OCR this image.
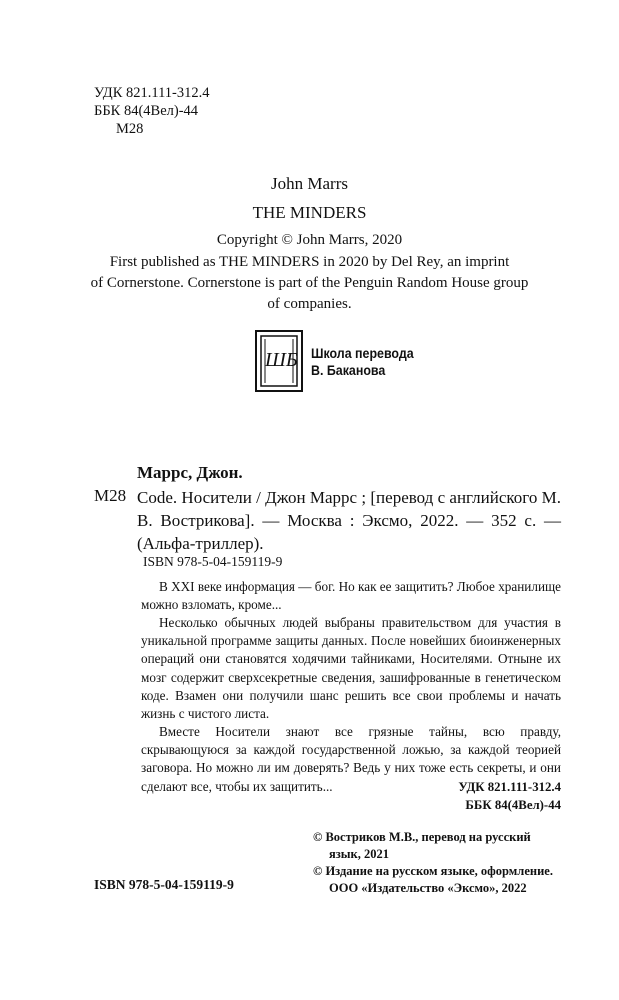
УДК 821.111-312.4
ББК 84(4Вел)-44
М28
John Marrs
THE MINDERS
Copyright © John Marrs, 2020
First published as THE MINDERS in 2020 by Del Rey, an imprint
of Cornerstone. Cornerstone is part of the Penguin Random House group
of companies.
ШБ Школа перевода
В. Баканова
Маррс, Джон.
М28 Code. Носители / Джон Маррс ; [перевод с английского М. В. Вострикова]. — Москва : Эксмо, 2022. — 352 с. — (Альфа-триллер).
ISBN 978-5-04-159119-9
В XXI веке информация — бог. Но как ее защитить? Любое хранилище можно взломать, кроме...
Несколько обычных людей выбраны правительством для участия в уникальной программе защиты данных. После новейших биоинженерных операций они становятся ходячими тайниками, Носителями. Отныне их мозг содержит сверхсекретные сведения, зашифрованные в генетическом коде. Взамен они получили шанс решить все свои проблемы и начать жизнь с чистого листа.
Вместе Носители знают все грязные тайны, всю правду, скрывающуюся за каждой государственной ложью, за каждой теорией заговора. Но можно ли им доверять? Ведь у них тоже есть секреты, и они сделают все, чтобы их защитить...	УДК 821.111-312.4
ББК 84(4Вел)-44
© Востриков М.В., перевод на русский
язык, 2021
© Издание на русском языке, оформление.
ООО «Издательство «Эксмо», 2022
ISBN 978-5-04-159119-9
